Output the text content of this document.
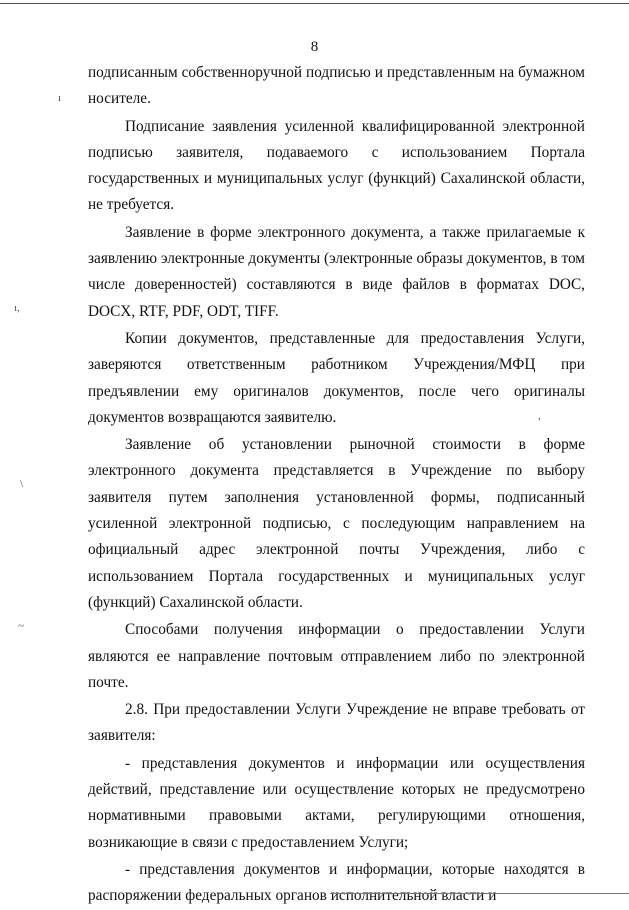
8

подписанным собственноручной подписью и представленным на бумажном носителе.

Подписание заявления усиленной квалифицированной электронной подписью заявителя, подаваемого с использованием Портала государственных и муниципальных услуг (функций) Сахалинской области, не требуется.

Заявление в форме электронного документа, а также прилагаемые к заявлению электронные документы (электронные образы документов, в том числе доверенностей) составляются в виде файлов в форматах DOC, DOCX, RTF, PDF, ODT, TIFF.

Копии документов, представленные для предоставления Услуги, заверяются ответственным работником Учреждения/МФЦ при предъявлении ему оригиналов документов, после чего оригиналы документов возвращаются заявителю.

Заявление об установлении рыночной стоимости в форме электронного документа представляется в Учреждение по выбору заявителя путем заполнения установленной формы, подписанный усиленной электронной подписью, с последующим направлением на официальный адрес электронной почты Учреждения, либо с использованием Портала государственных и муниципальных услуг (функций) Сахалинской области.

Способами получения информации о предоставлении Услуги являются ее направление почтовым отправлением либо по электронной почте.

2.8. При предоставлении Услуги Учреждение не вправе требовать от заявителя:

- представления документов и информации или осуществления действий, представление или осуществление которых не предусмотрено нормативными правовыми актами, регулирующими отношения, возникающие в связи с предоставлением Услуги;

- представления документов и информации, которые находятся в распоряжении федеральных органов исполнительной власти и

ı
ɩ,
\
~
,
